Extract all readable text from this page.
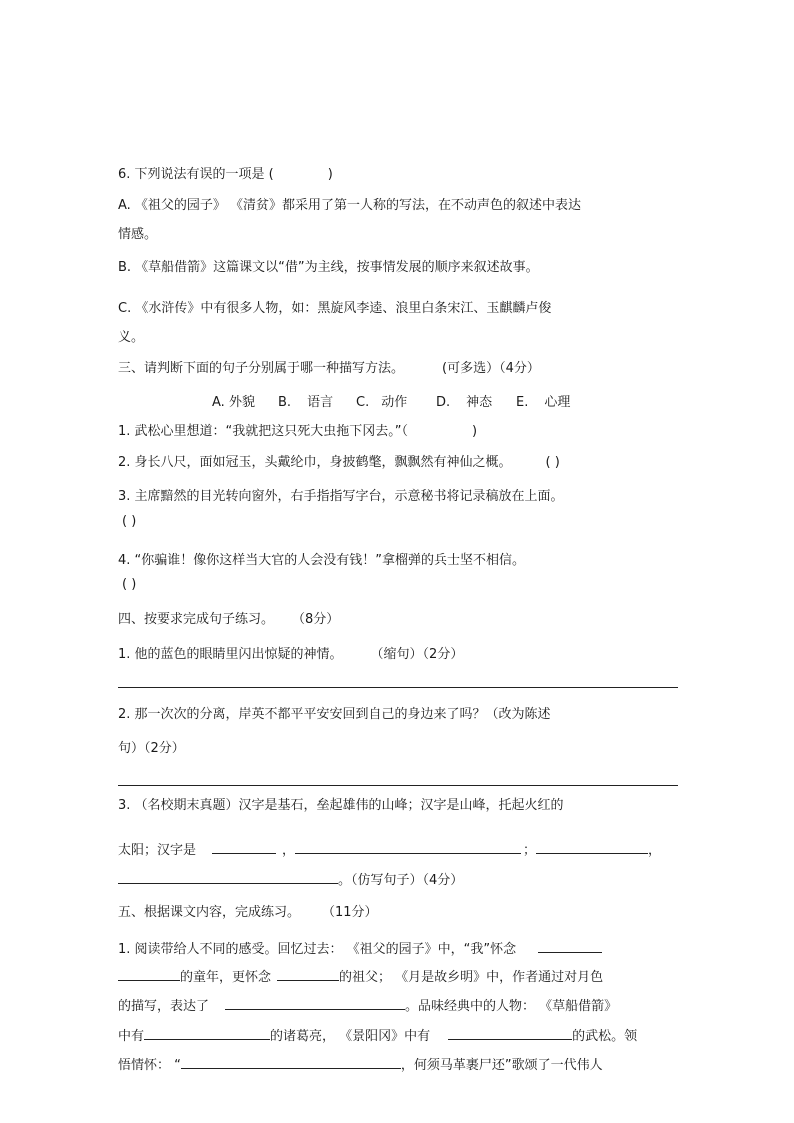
6. 下列说法有误的一项是 (	)
A. 《祖父的园子》 《清贫》都采用了第一人称的写法，在不动声色的叙述中表达
情感。
B. 《草船借箭》这篇课文以“借”为主线，按事情发展的顺序来叙述故事。
C. 《水浒传》中有很多人物，如：黑旋风李逵、浪里白条宋江、玉麒麟卢俊
义。
三、请判断下面的句子分别属于哪一种描写方法。	(可多选）（4分）
A. 外貌 B. 语言 C. 动作 D. 神态 E. 心理
1. 武松心里想道：“我就把这只死大虫拖下冈去。”（	)
2. 身长八尺，面如冠玉，头戴纶巾，身披鹤氅，飘飘然有神仙之概。	( )
3. 主席黯然的目光转向窗外，右手指指写字台，示意秘书将记录稿放在上面。
( )
4. “你骗谁！像你这样当大官的人会没有钱！”拿榴弹的兵士坚不相信。
( )
四、按要求完成句子练习。 （8分）
1. 他的蓝色的眼睛里闪出惊疑的神情。 （缩句）（2分）
2. 那一次次的分离，岸英不都平平安安回到自己的身边来了吗？（改为陈述
句）（2分）
3. （名校期末真题）汉字是基石，垒起雄伟的山峰；汉字是山峰，托起火红的
太阳；汉字是	，	；	，
。（仿写句子）（4分）
五、根据课文内容，完成练习。 （11分）
1. 阅读带给人不同的感受。回忆过去： 《祖父的园子》中，“我”怀念
的童年，更怀念	的祖父； 《月是故乡明》中，作者通过对月色
的描写，表达了	。品味经典中的人物： 《草船借箭》
中有	的诸葛亮， 《景阳冈》中有	的武松。领
悟情怀： “	，何须马革裹尸还”歌颂了一代伟人
